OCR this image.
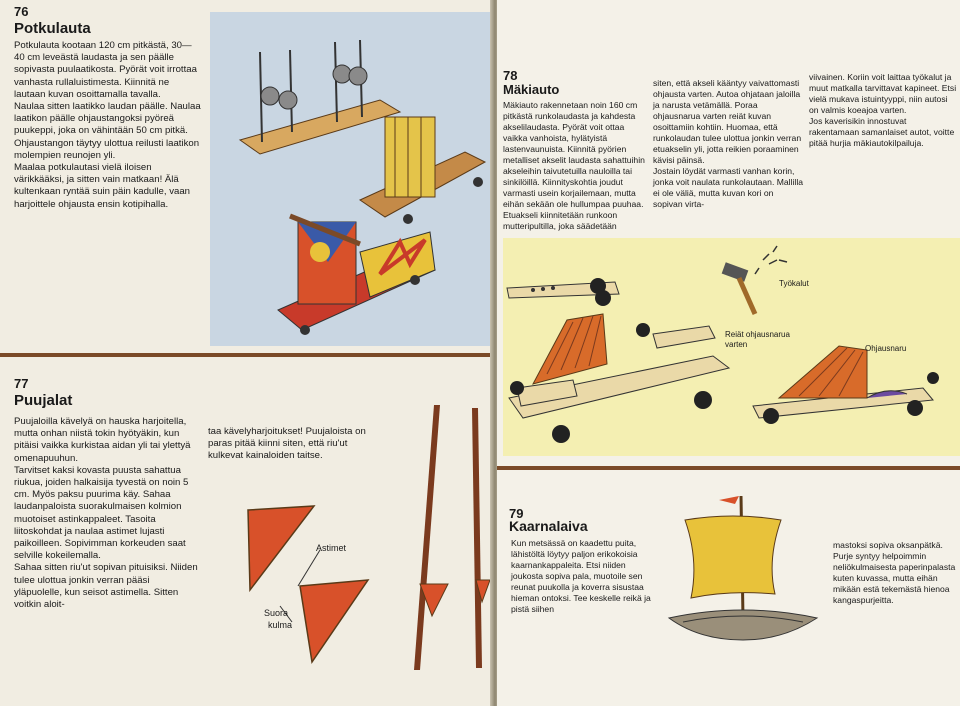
76
Potkulauta

Potkulauta kootaan 120 cm pitkästä, 30—40 cm leveästä laudasta ja sen päälle sopivasta puulaatikosta. Pyörät voit irrottaa vanhasta rullaluistimesta. Kiinnitä ne lautaan kuvan osoittamalla tavalla.

Naulaa sitten laatikko laudan päälle. Naulaa laatikon päälle ohjaustangoksi pyöreä puukeppi, joka on vähintään 50 cm pitkä. Ohjaustangon täytyy ulottua reilusti laatikon molempien reunojen yli.

Maalaa potkulautasi vielä iloisen värikkääksi, ja sitten vain matkaan! Älä kultenkaan ryntää suin päin kadulle, vaan harjoittele ohjausta ensin kotipihalla.

77
Puujalat

Puujaloilla kävelyä on hauska harjoitella, mutta onhan niistä tokin hyötyäkin, kun pitäisi vaikka kurkistaa aidan yli tai ylettyä omenapuuhun.

Tarvitset kaksi kovasta puusta sahattua riukua, joiden halkaisija tyvestä on noin 5 cm. Myös paksu puurima käy. Sahaa laudanpaloista suorakulmaisen kolmion muotoiset astinkappaleet. Tasoita liitoskohdat ja naulaa astimet lujasti paikoilleen. Sopivimman korkeuden saat selville kokeilemalla.

Sahaa sitten riu'ut sopivan pituisiksi. Niiden tulee ulottua jonkin verran pääsi yläpuolelle, kun seisot astimella. Sitten voitkin aloit-

taa kävelyharjoitukset! Puujaloista on paras pitää kiinni siten, että riu'ut kulkevat kainaloiden taitse.
Astimet
Suora
kulma
78
Mäkiauto
Mäkiauto rakennetaan noin 160 cm pitkästä runkolaudasta ja kahdesta akselilaudasta. Pyörät voit ottaa vaikka vanhoista, hylätyistä lastenvaunuista. Kiinnitä pyörien metalliset akselit laudasta sahattuihin akseleihin taivutetuilla nauloilla tai sinkilöillä. Kiinnityskohtia joudut varmasti usein korjailemaan, mutta eihän sekään ole hullumpaa puuhaa. Etuakseli kiinnitetään runkoon mutteripultilla, joka säädetään
siten, että akseli kääntyy vaivattomasti ohjausta varten. Autoa ohjataan jaloilla ja narusta vetämällä. Poraa ohjausnarua varten reiät kuvan osoittamiin kohtiin. Huomaa, että runkolaudan tulee ulottua jonkin verran etuakselin yli, jotta reikien poraaminen kävisi päinsä.
Jostain löydät varmasti vanhan korin, jonka voit naulata runkolautaan. Mallilla ei ole väliä, mutta kuvan kori on sopivan virta-
viivainen. Koriin voit laittaa työkalut ja muut matkalla tarvittavat kapineet. Etsi vielä mukava istuintyyppi, niin autosi on valmis koeajoa varten.
Jos kaverisikin innostuvat rakentamaan samanlaiset autot, voitte pitää hurjia mäkiautokilpailuja.
Työkalut
Reiät ohjausnarua
varten	Ohjausnaru
79
Kaarnalaiva
Kun metsässä on kaadettu puita, lähistöltä löytyy paljon erikokoisia kaarnankappaleita. Etsi niiden joukosta sopiva pala, muotoile sen reunat puukolla ja koverra sisustaa hieman ontoksi. Tee keskelle reikä ja pistä siihen
mastoksi sopiva oksanpätkä. Purje syntyy helpoimmin neliökulmaisesta paperinpalasta kuten kuvassa, mutta eihän mikään estä tekemästä hienoa kangaspurjeitta.
